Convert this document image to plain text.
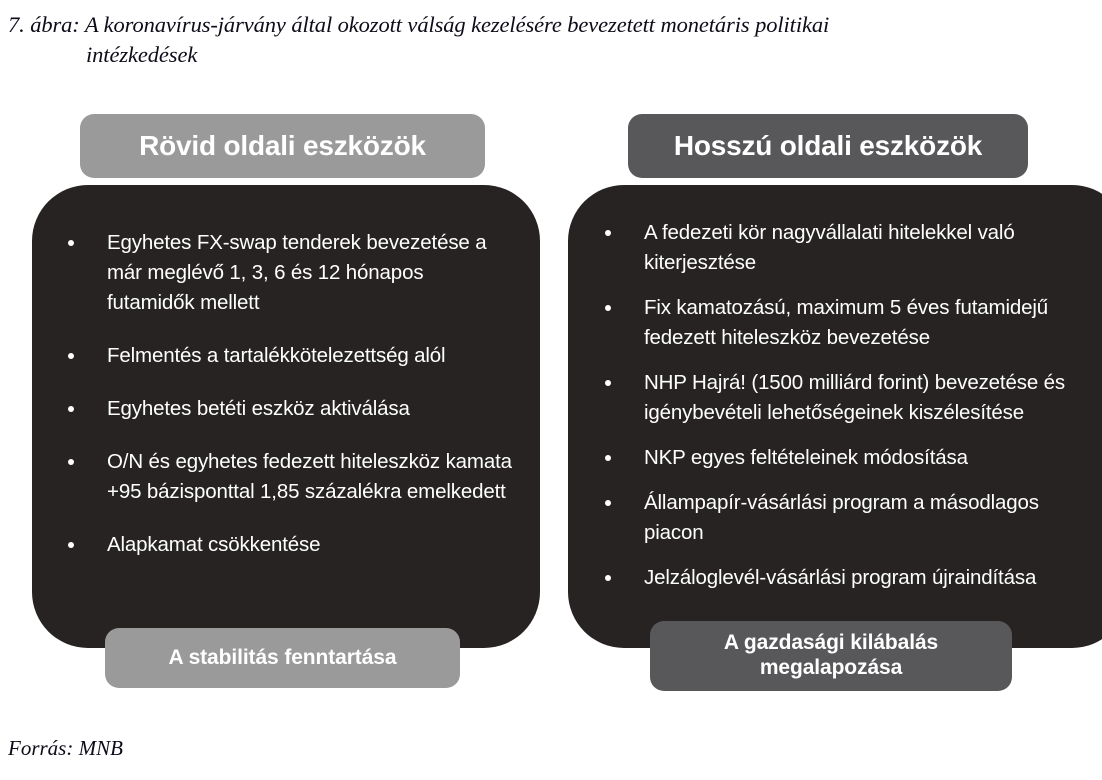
7. ábra: A koronavírus-járvány által okozott válság kezelésére bevezetett monetáris politikai
intézkedések
Rövid oldali eszközök
Egyhetes FX-swap tenderek bevezetése a már meglévő 1, 3, 6 és 12 hónapos futamidők mellett
Felmentés a tartalékkötelezettség alól
Egyhetes betéti eszköz aktiválása
O/N és egyhetes fedezett hiteleszköz kamata +95 bázisponttal 1,85 százalékra emelkedett
Alapkamat csökkentése
A stabilitás fenntartása
Hosszú oldali eszközök
A fedezeti kör nagyvállalati hitelekkel való kiterjesztése
Fix kamatozású, maximum 5 éves futamidejű fedezett hiteleszköz bevezetése
NHP Hajrá! (1500 milliárd forint) bevezetése és igénybevételi lehetőségeinek kiszélesítése
NKP egyes feltételeinek módosítása
Állampapír-vásárlási program a másodlagos piacon
Jelzáloglevél-vásárlási program újraindítása
A gazdasági kilábalás megalapozása
Forrás: MNB
